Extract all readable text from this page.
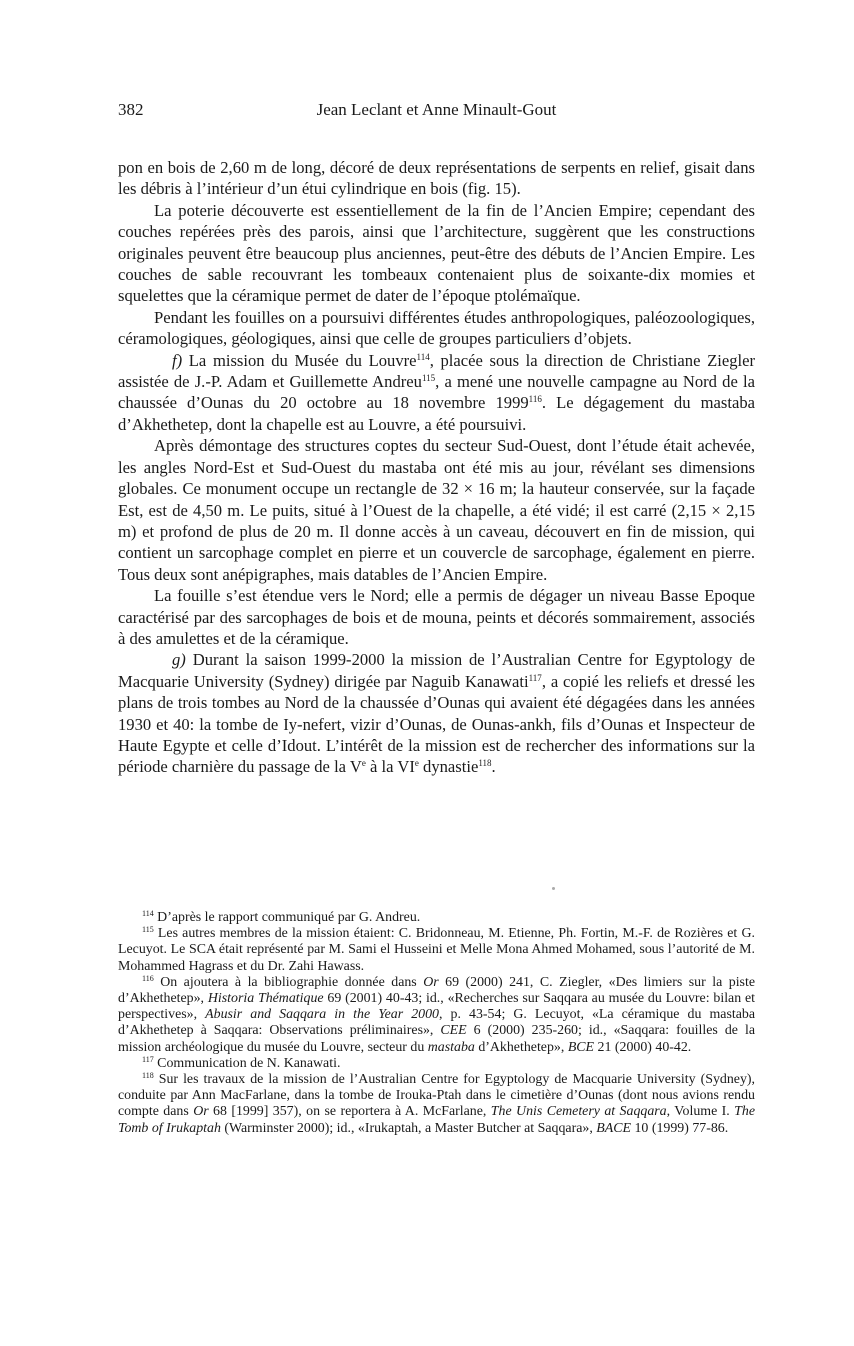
382	Jean Leclant et Anne Minault-Gout

pon en bois de 2,60 m de long, décoré de deux représentations de serpents en relief, gisait dans les débris à l’intérieur d’un étui cylindrique en bois (fig. 15).

La poterie découverte est essentiellement de la fin de l’Ancien Empire; cependant des couches repérées près des parois, ainsi que l’architecture, suggèrent que les constructions originales peuvent être beaucoup plus anciennes, peut-être des débuts de l’Ancien Empire. Les couches de sable recouvrant les tombeaux contenaient plus de soixante-dix momies et squelettes que la céramique permet de dater de l’époque ptolémaïque.

Pendant les fouilles on a poursuivi différentes études anthropologiques, paléozoologiques, céramologiques, géologiques, ainsi que celle de groupes particuliers d’objets.

f) La mission du Musée du Louvre$^{114}$, placée sous la direction de Christiane Ziegler assistée de J.-P. Adam et Guillemette Andreu$^{115}$, a mené une nouvelle campagne au Nord de la chaussée d’Ounas du 20 octobre au 18 novembre 1999$^{116}$. Le dégagement du mastaba d’Akhethetep, dont la chapelle est au Louvre, a été poursuivi.

Après démontage des structures coptes du secteur Sud-Ouest, dont l’étude était achevée, les angles Nord-Est et Sud-Ouest du mastaba ont été mis au jour, révélant ses dimensions globales. Ce monument occupe un rectangle de 32 × 16 m; la hauteur conservée, sur la façade Est, est de 4,50 m. Le puits, situé à l’Ouest de la chapelle, a été vidé; il est carré (2,15 × 2,15 m) et profond de plus de 20 m. Il donne accès à un caveau, découvert en fin de mission, qui contient un sarcophage complet en pierre et un couvercle de sarcophage, également en pierre. Tous deux sont anépigraphes, mais datables de l’Ancien Empire.

La fouille s’est étendue vers le Nord; elle a permis de dégager un niveau Basse Epoque caractérisé par des sarcophages de bois et de mouna, peints et décorés sommairement, associés à des amulettes et de la céramique.

g) Durant la saison 1999-2000 la mission de l’Australian Centre for Egyptology de Macquarie University (Sydney) dirigée par Naguib Kanawati$^{117}$, a copié les reliefs et dressé les plans de trois tombes au Nord de la chaussée d’Ounas qui avaient été dégagées dans les années 1930 et 40: la tombe de Iy-nefert, vizir d’Ounas, de Ounas-ankh, fils d’Ounas et Inspecteur de Haute Egypte et celle d’Idout. L’intérêt de la mission est de rechercher des informations sur la période charnière du passage de la Ve à la VIe dynastie$^{118}$.

$^{114}$ D’après le rapport communiqué par G. Andreu.

$^{115}$ Les autres membres de la mission étaient: C. Bridonneau, M. Etienne, Ph. Fortin, M.-F. de Rozières et G. Lecuyot. Le SCA était représenté par M. Sami el Husseini et Melle Mona Ahmed Mohamed, sous l’autorité de M. Mohammed Hagrass et du Dr. Zahi Hawass.

$^{116}$ On ajoutera à la bibliographie donnée dans Or 69 (2000) 241, C. Ziegler, «Des limiers sur la piste d’Akhethetep», Historia Thématique 69 (2001) 40-43; id., «Recherches sur Saqqara au musée du Louvre: bilan et perspectives», Abusir and Saqqara in the Year 2000, p. 43-54; G. Lecuyot, «La céramique du mastaba d’Akhethetep à Saqqara: Observations préliminaires», CEE 6 (2000) 235-260; id., «Saqqara: fouilles de la mission archéologique du musée du Louvre, secteur du mastaba d’Akhethetep», BCE 21 (2000) 40-42.

$^{117}$ Communication de N. Kanawati.

$^{118}$ Sur les travaux de la mission de l’Australian Centre for Egyptology de Macquarie University (Sydney), conduite par Ann MacFarlane, dans la tombe de Irouka-Ptah dans le cimetière d’Ounas (dont nous avions rendu compte dans Or 68 [1999] 357), on se reportera à A. McFarlane, The Unis Cemetery at Saqqara, Volume I. The Tomb of Irukaptah (Warminster 2000); id., «Irukaptah, a Master Butcher at Saqqara», BACE 10 (1999) 77-86.
